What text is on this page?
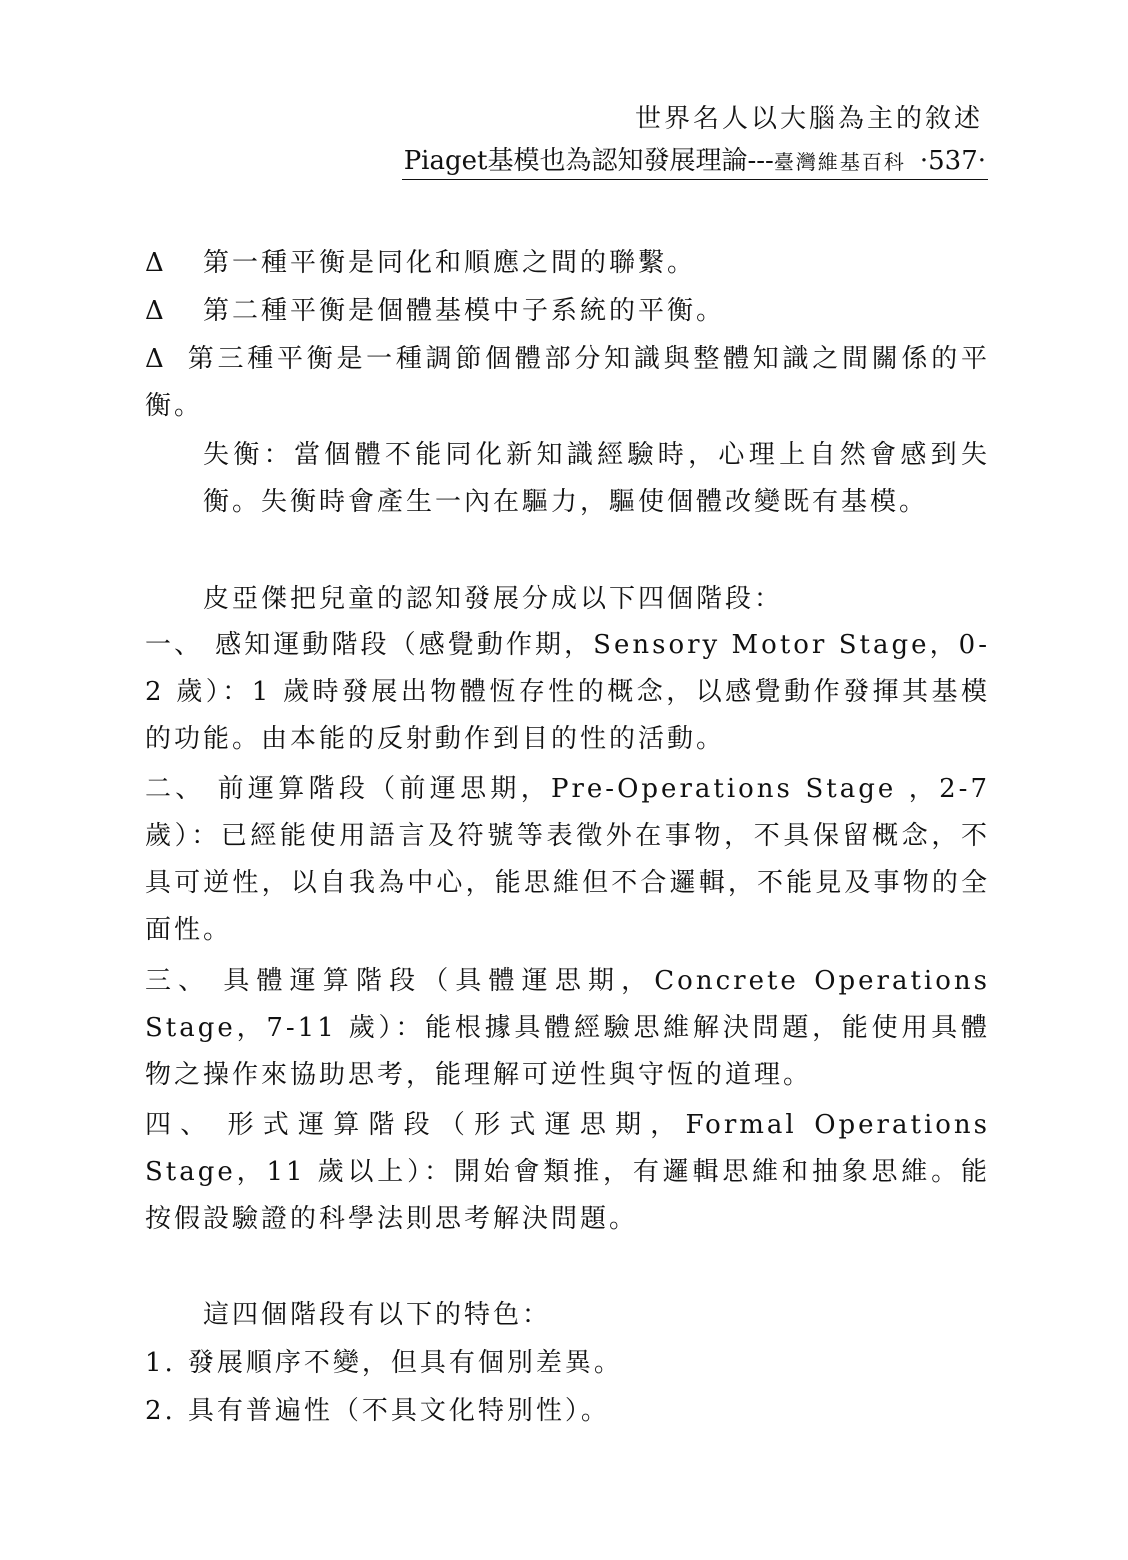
世界名人以大腦為主的敘述
Piaget基模也為認知發展理論---臺灣維基百科 ·537·
Δ 第一種平衡是同化和順應之間的聯繫。
Δ 第二種平衡是個體基模中子系統的平衡。
Δ 第三種平衡是一種調節個體部分知識與整體知識之間關係的平衡。
失衡：當個體不能同化新知識經驗時，心理上自然會感到失衡。失衡時會產生一內在驅力，驅使個體改變既有基模。
皮亞傑把兒童的認知發展分成以下四個階段：
一、 感知運動階段（感覺動作期，Sensory Motor Stage，0-2 歲）：1 歲時發展出物體恆存性的概念，以感覺動作發揮其基模的功能。由本能的反射動作到目的性的活動。
二、 前運算階段（前運思期，Pre-Operations Stage ，2-7 歲）：已經能使用語言及符號等表徵外在事物，不具保留概念，不具可逆性，以自我為中心，能思維但不合邏輯，不能見及事物的全面性。
三、 具體運算階段（具體運思期，Concrete Operations Stage，7-11 歲）：能根據具體經驗思維解決問題，能使用具體物之操作來協助思考，能理解可逆性與守恆的道理。
四、 形式運算階段（形式運思期，Formal Operations Stage，11 歲以上）：開始會類推，有邏輯思維和抽象思維。能按假設驗證的科學法則思考解決問題。
這四個階段有以下的特色：
1. 發展順序不變，但具有個別差異。
2. 具有普遍性（不具文化特別性）。
